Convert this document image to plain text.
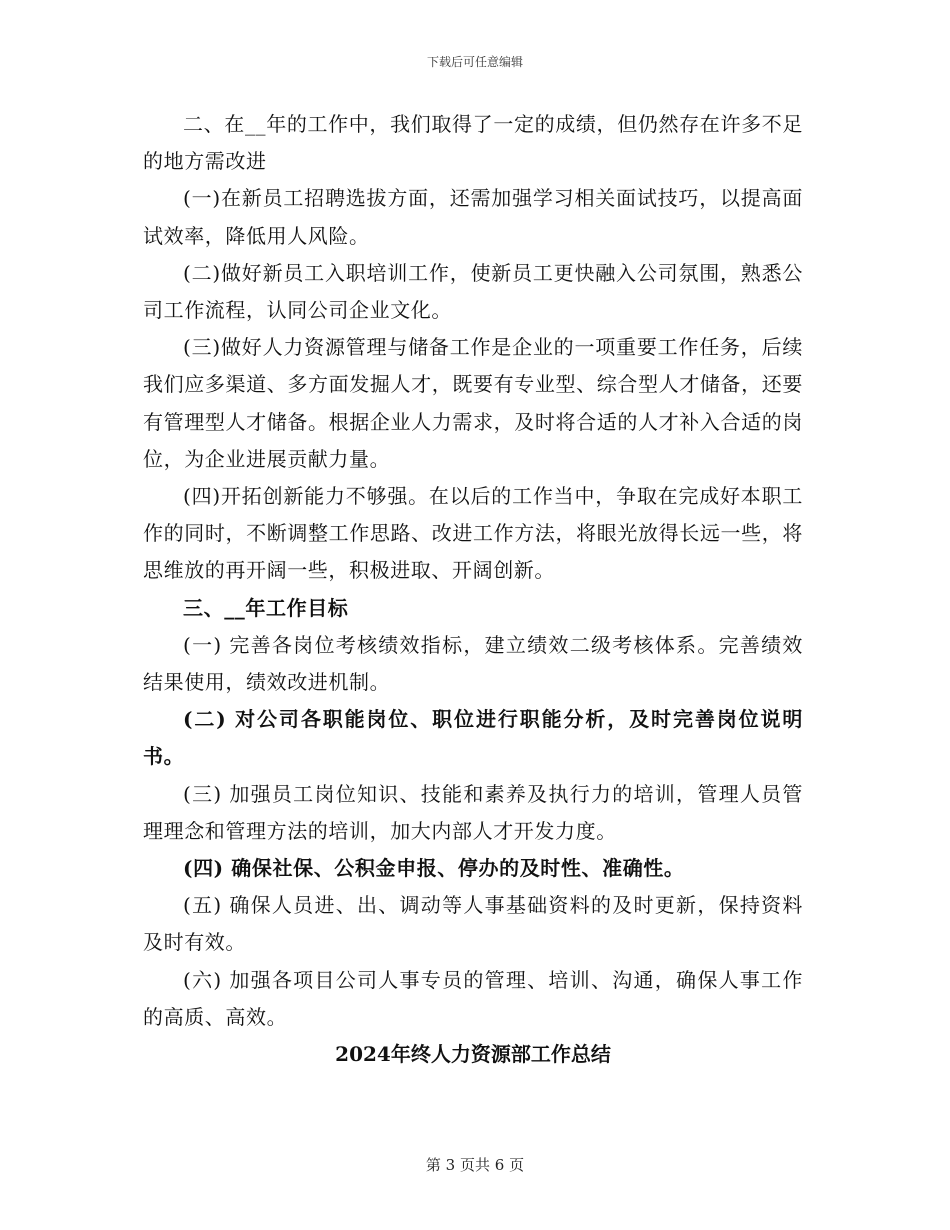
下载后可任意编辑

二、在__年的工作中，我们取得了一定的成绩，但仍然存在许多不足的地方需改进

(一)在新员工招聘选拔方面，还需加强学习相关面试技巧，以提高面试效率，降低用人风险。

(二)做好新员工入职培训工作，使新员工更快融入公司氛围，熟悉公司工作流程，认同公司企业文化。

(三)做好人力资源管理与储备工作是企业的一项重要工作任务，后续我们应多渠道、多方面发掘人才，既要有专业型、综合型人才储备，还要有管理型人才储备。根据企业人力需求，及时将合适的人才补入合适的岗位，为企业进展贡献力量。

(四)开拓创新能力不够强。在以后的工作当中，争取在完成好本职工作的同时，不断调整工作思路、改进工作方法，将眼光放得长远一些，将思维放的再开阔一些，积极进取、开阔创新。

三、__年工作目标

(一) 完善各岗位考核绩效指标，建立绩效二级考核体系。完善绩效结果使用，绩效改进机制。

(二) 对公司各职能岗位、职位进行职能分析，及时完善岗位说明书。

(三) 加强员工岗位知识、技能和素养及执行力的培训，管理人员管理理念和管理方法的培训，加大内部人才开发力度。

(四) 确保社保、公积金申报、停办的及时性、准确性。

(五) 确保人员进、出、调动等人事基础资料的及时更新，保持资料及时有效。

(六) 加强各项目公司人事专员的管理、培训、沟通，确保人事工作的高质、高效。

2024年终人力资源部工作总结

第 3 页共 6 页
